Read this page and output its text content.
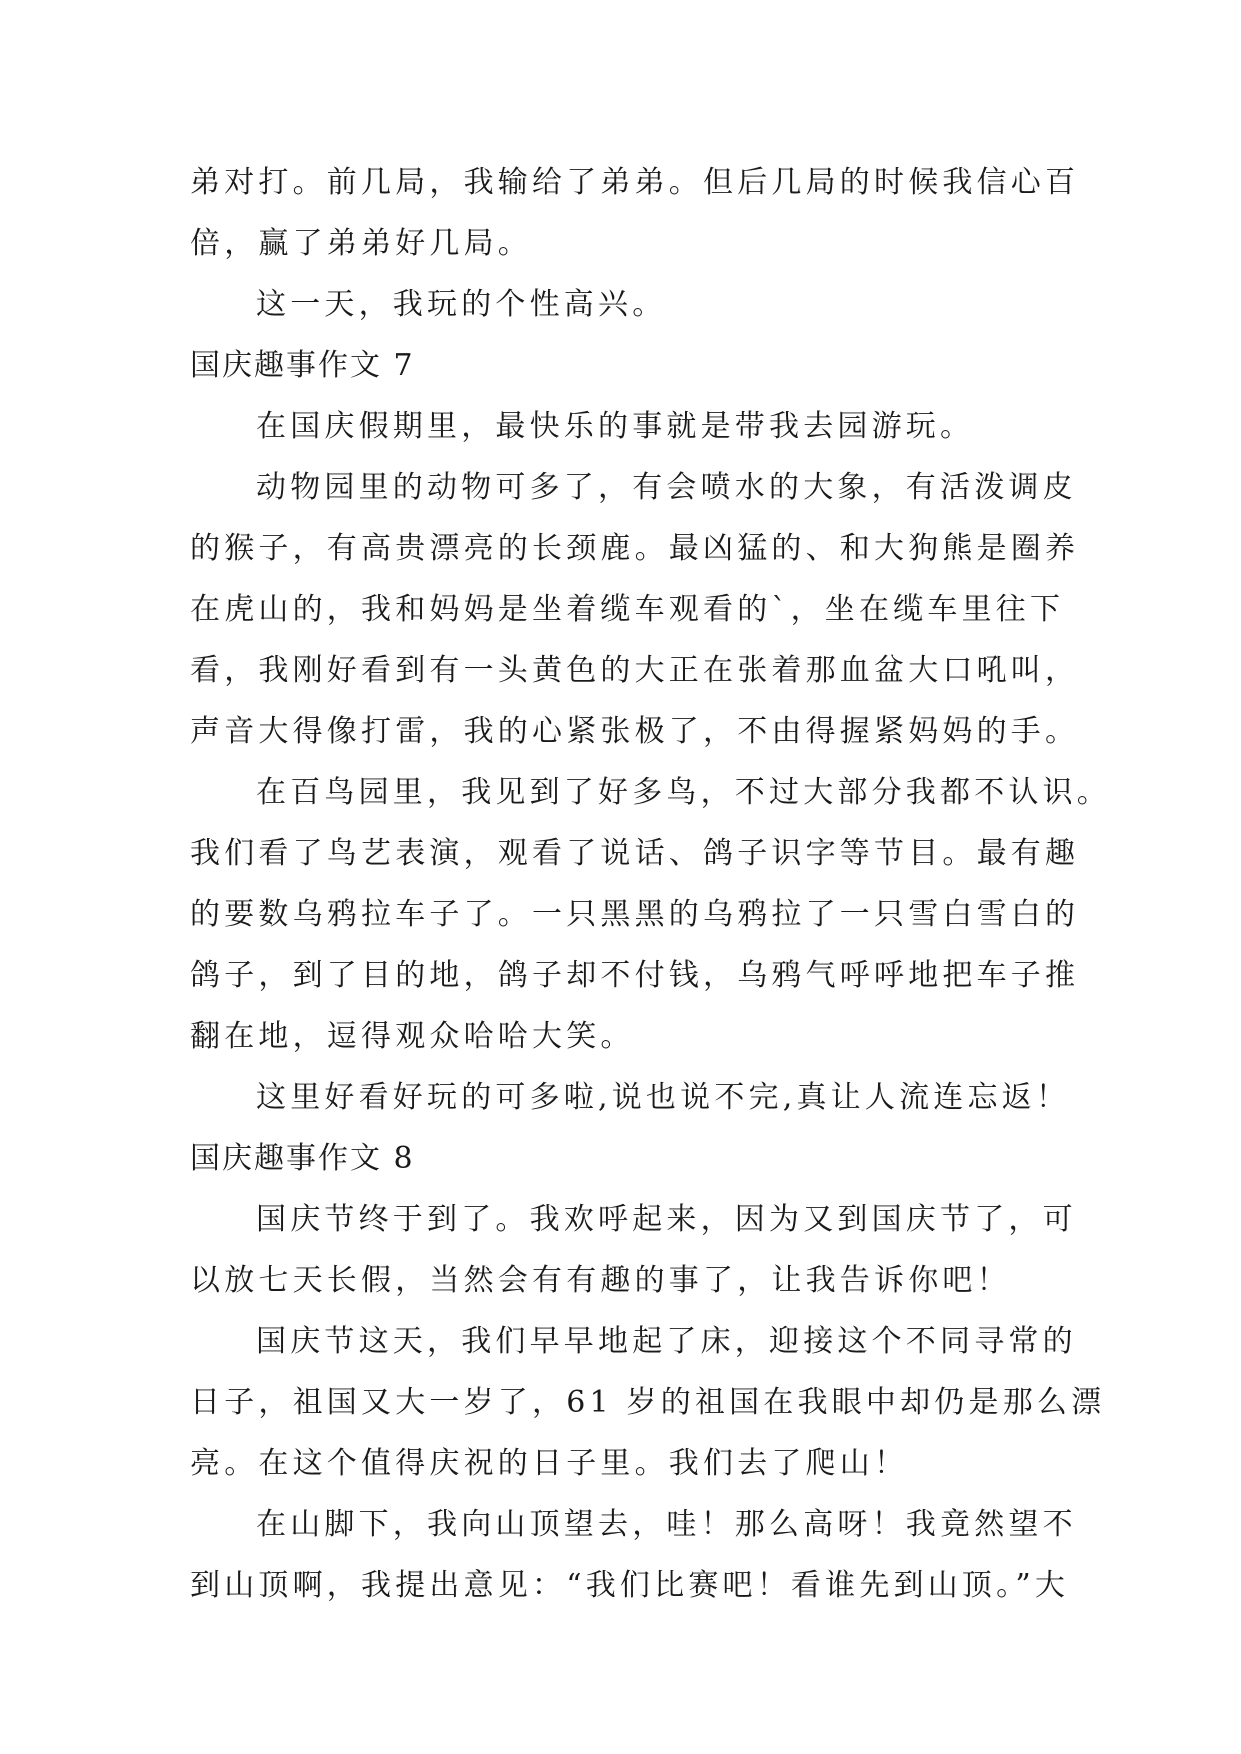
弟对打。前几局，我输给了弟弟。但后几局的时候我信心百
倍，赢了弟弟好几局。
这一天，我玩的个性高兴。
国庆趣事作文 7
在国庆假期里，最快乐的事就是带我去园游玩。
动物园里的动物可多了，有会喷水的大象，有活泼调皮
的猴子，有高贵漂亮的长颈鹿。最凶猛的、和大狗熊是圈养
在虎山的，我和妈妈是坐着缆车观看的`，坐在缆车里往下
看，我刚好看到有一头黄色的大正在张着那血盆大口吼叫，
声音大得像打雷，我的心紧张极了，不由得握紧妈妈的手。
在百鸟园里，我见到了好多鸟，不过大部分我都不认识。
我们看了鸟艺表演，观看了说话、鸽子识字等节目。最有趣
的要数乌鸦拉车子了。一只黑黑的乌鸦拉了一只雪白雪白的
鸽子，到了目的地，鸽子却不付钱，乌鸦气呼呼地把车子推
翻在地，逗得观众哈哈大笑。
这里好看好玩的可多啦,说也说不完,真让人流连忘返！
国庆趣事作文 8
国庆节终于到了。我欢呼起来，因为又到国庆节了，可
以放七天长假，当然会有有趣的事了，让我告诉你吧！
国庆节这天，我们早早地起了床，迎接这个不同寻常的
日子，祖国又大一岁了，61 岁的祖国在我眼中却仍是那么漂
亮。在这个值得庆祝的日子里。我们去了爬山！
在山脚下，我向山顶望去，哇！那么高呀！我竟然望不
到山顶啊，我提出意见：“我们比赛吧！看谁先到山顶。”大
